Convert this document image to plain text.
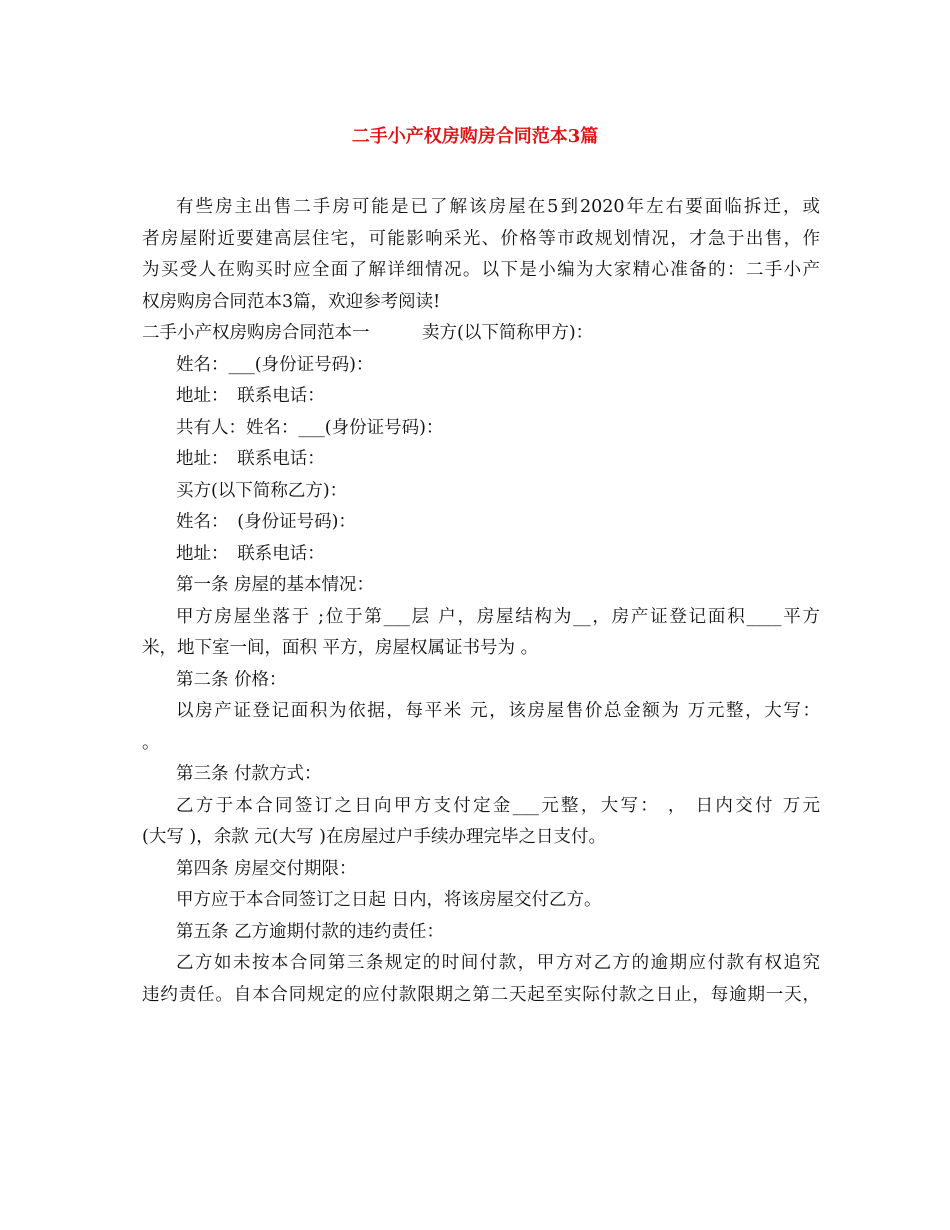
二手小产权房购房合同范本3篇
有些房主出售二手房可能是已了解该房屋在5到2020年左右要面临拆迁，或
者房屋附近要建高层住宅，可能影响采光、价格等市政规划情况，才急于出售，作
为买受人在购买时应全面了解详细情况。以下是小编为大家精心准备的：二手小产
权房购房合同范本3篇，欢迎参考阅读!
二手小产权房购房合同范本一　　　卖方(以下简称甲方)：
姓名：___(身份证号码)：
地址：　联系电话：
共有人：姓名：___(身份证号码)：
地址：　联系电话：
买方(以下简称乙方)：
姓名：　(身份证号码)：
地址：　联系电话：
第一条 房屋的基本情况：
甲方房屋坐落于 ;位于第___层 户，房屋结构为__，房产证登记面积____平方
米，地下室一间，面积 平方，房屋权属证书号为 。
第二条 价格：
以房产证登记面积为依据，每平米 元，该房屋售价总金额为 万元整，大写：
。
第三条 付款方式：
乙方于本合同签订之日向甲方支付定金___元整，大写： ， 日内交付 万元
(大写 )，余款 元(大写 )在房屋过户手续办理完毕之日支付。
第四条 房屋交付期限：
甲方应于本合同签订之日起 日内，将该房屋交付乙方。
第五条 乙方逾期付款的违约责任：
乙方如未按本合同第三条规定的时间付款，甲方对乙方的逾期应付款有权追究
违约责任。自本合同规定的应付款限期之第二天起至实际付款之日止，每逾期一天，
